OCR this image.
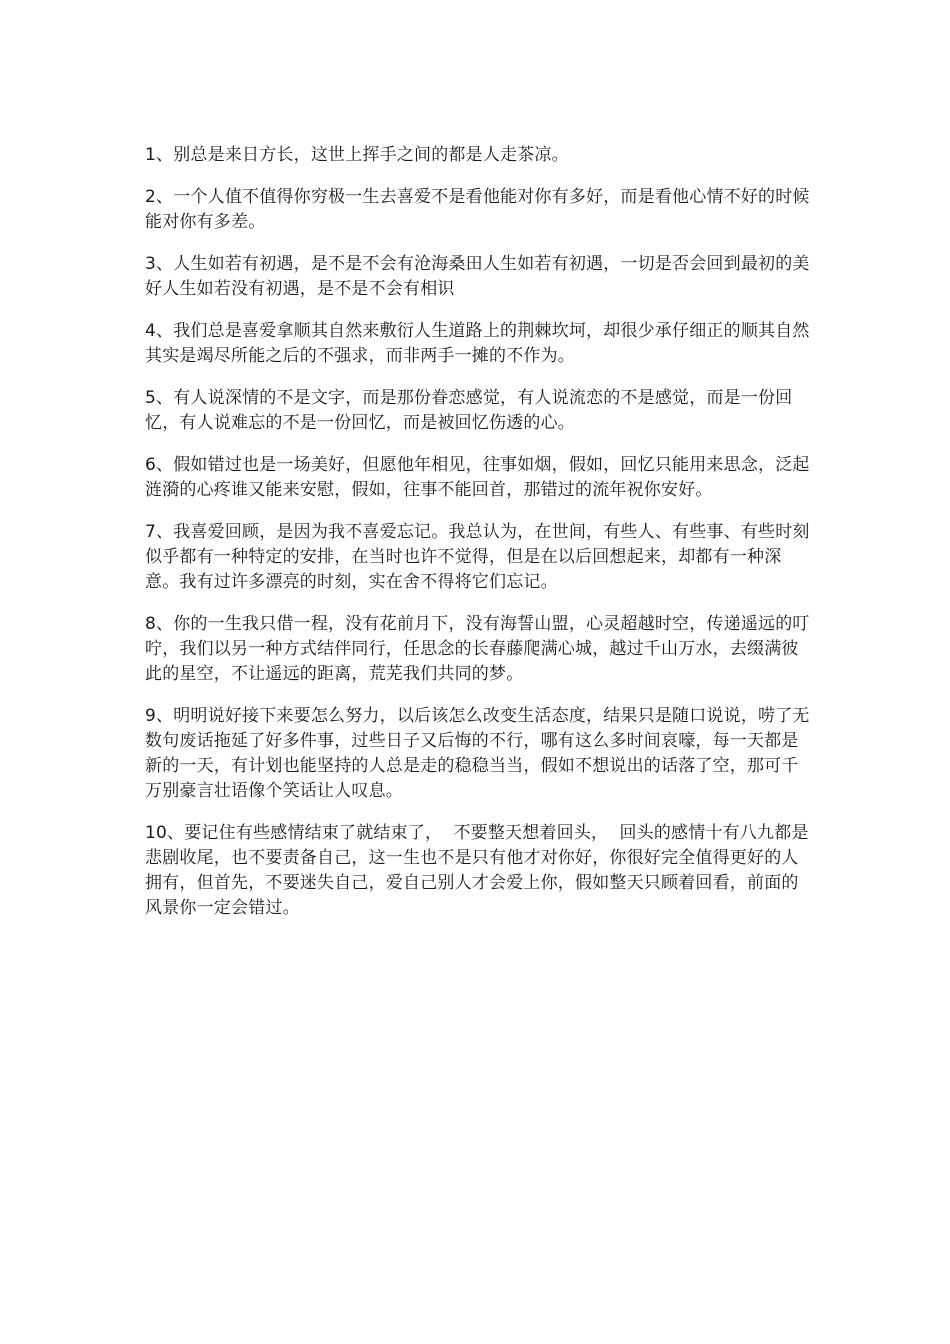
1、别总是来日方长，这世上挥手之间的都是人走茶凉。

2、一个人值不值得你穷极一生去喜爱不是看他能对你有多好，而是看他心情不好的时候能对你有多差。

3、人生如若有初遇，是不是不会有沧海桑田人生如若有初遇，一切是否会回到最初的美好人生如若没有初遇，是不是不会有相识

4、我们总是喜爱拿顺其自然来敷衍人生道路上的荆棘坎坷，却很少承仔细正的顺其自然其实是竭尽所能之后的不强求，而非两手一摊的不作为。

5、有人说深情的不是文字，而是那份眷恋感觉，有人说流恋的不是感觉，而是一份回忆，有人说难忘的不是一份回忆，而是被回忆伤透的心。

6、假如错过也是一场美好，但愿他年相见，往事如烟，假如，回忆只能用来思念，泛起涟漪的心疼谁又能来安慰，假如，往事不能回首，那错过的流年祝你安好。

7、我喜爱回顾，是因为我不喜爱忘记。我总认为，在世间，有些人、有些事、有些时刻似乎都有一种特定的安排，在当时也许不觉得，但是在以后回想起来，却都有一种深意。我有过许多漂亮的时刻，实在舍不得将它们忘记。

8、你的一生我只借一程，没有花前月下，没有海誓山盟，心灵超越时空，传递遥远的叮咛，我们以另一种方式结伴同行，任思念的长春藤爬满心城，越过千山万水，去缀满彼此的星空，不让遥远的距离，荒芜我们共同的梦。

9、明明说好接下来要怎么努力，以后该怎么改变生活态度，结果只是随口说说，唠了无数句废话拖延了好多件事，过些日子又后悔的不行，哪有这么多时间哀嚎，每一天都是新的一天，有计划也能坚持的人总是走的稳稳当当，假如不想说出的话落了空，那可千万别豪言壮语像个笑话让人叹息。

10、要记住有些感情结束了就结束了，  不要整天想着回头，  回头的感情十有八九都是悲剧收尾，也不要责备自己，这一生也不是只有他才对你好，你很好完全值得更好的人拥有，但首先，不要迷失自己，爱自己别人才会爱上你，假如整天只顾着回看，前面的风景你一定会错过。
